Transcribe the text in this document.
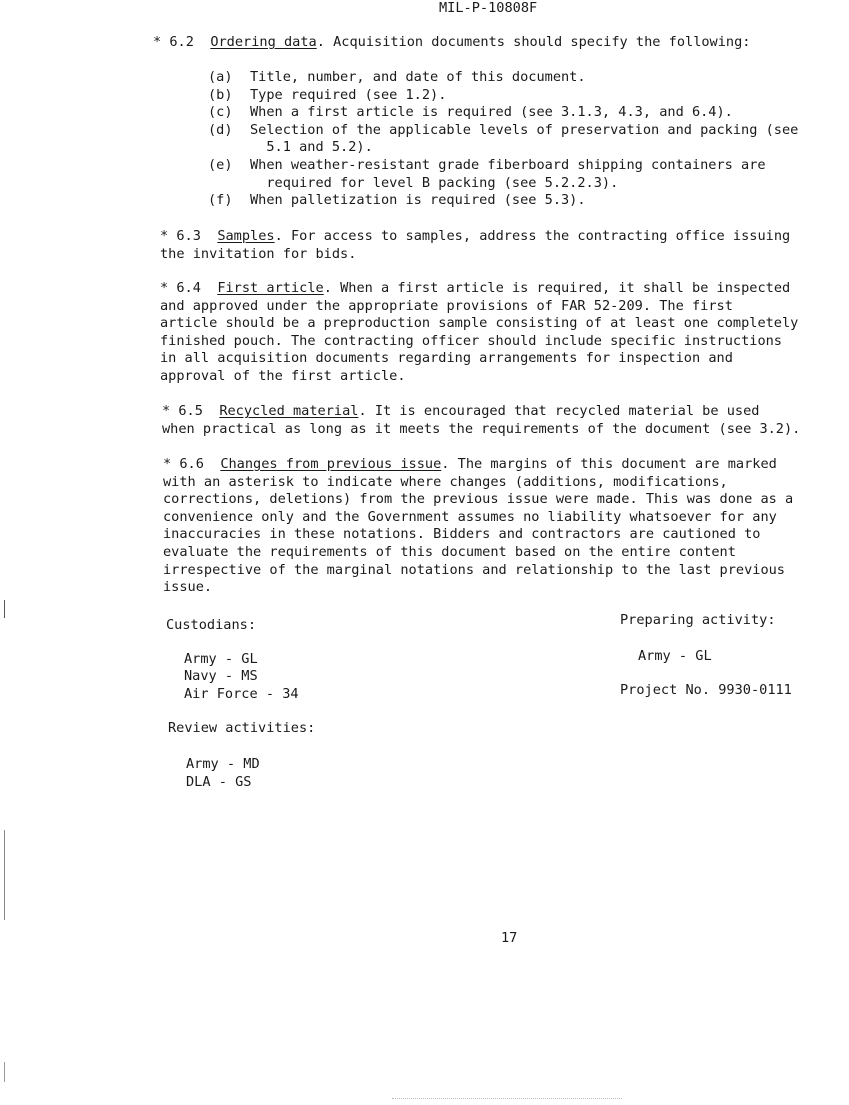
MIL-P-10808F
* 6.2 Ordering data. Acquisition documents should specify the following:
(a)	Title, number, and date of this document.
(b)	Type required (see 1.2).
(c)	When a first article is required (see 3.1.3, 4.3, and 6.4).
(d)	Selection of the applicable levels of preservation and packing (see
5.1 and 5.2).
(e)	When weather-resistant grade fiberboard shipping containers are
required for level B packing (see 5.2.2.3).
(f)	When palletization is required (see 5.3).
* 6.3 Samples. For access to samples, address the contracting office issuing
the invitation for bids.
* 6.4 First article. When a first article is required, it shall be inspected
and approved under the appropriate provisions of FAR 52-209. The first
article should be a preproduction sample consisting of at least one completely
finished pouch. The contracting officer should include specific instructions
in all acquisition documents regarding arrangements for inspection and
approval of the first article.
* 6.5 Recycled material. It is encouraged that recycled material be used
when practical as long as it meets the requirements of the document (see 3.2).
* 6.6 Changes from previous issue. The margins of this document are marked
with an asterisk to indicate where changes (additions, modifications,
corrections, deletions) from the previous issue were made. This was done as a
convenience only and the Government assumes no liability whatsoever for any
inaccuracies in these notations. Bidders and contractors are cautioned to
evaluate the requirements of this document based on the entire content
irrespective of the marginal notations and relationship to the last previous
issue.
Custodians:
Army - GL
Navy - MS
Air Force - 34
Review activities:
Army - MD
DLA - GS
Preparing activity:
Army - GL
Project No. 9930-0111
17
